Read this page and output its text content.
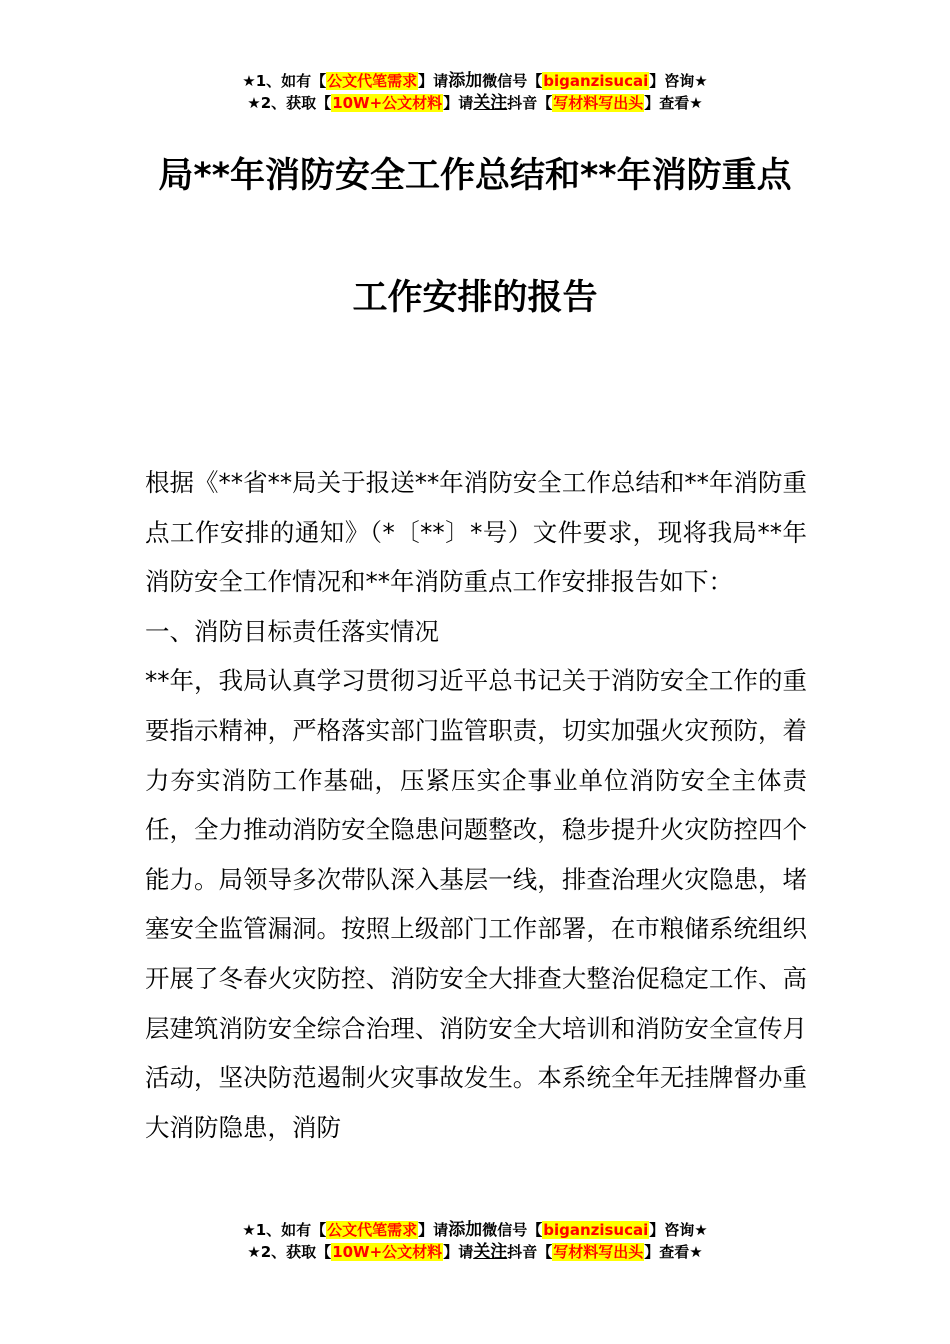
★1、如有【公文代笔需求】请添加微信号【biganzisucai】咨询★
★2、获取【10W+公文材料】请关注抖音【写材料写出头】查看★
局**年消防安全工作总结和**年消防重点
工作安排的报告

根据《**省**局关于报送**年消防安全工作总结和**年消防重点工作安排的通知》（*〔**〕*号）文件要求，现将我局**年消防安全工作情况和**年消防重点工作安排报告如下：

一、消防目标责任落实情况

**年，我局认真学习贯彻习近平总书记关于消防安全工作的重要指示精神，严格落实部门监管职责，切实加强火灾预防，着力夯实消防工作基础，压紧压实企事业单位消防安全主体责任，全力推动消防安全隐患问题整改，稳步提升火灾防控四个能力。局领导多次带队深入基层一线，排查治理火灾隐患，堵塞安全监管漏洞。按照上级部门工作部署，在市粮储系统组织开展了冬春火灾防控、消防安全大排查大整治促稳定工作、高层建筑消防安全综合治理、消防安全大培训和消防安全宣传月活动，坚决防范遏制火灾事故发生。本系统全年无挂牌督办重大消防隐患，消防

★1、如有【公文代笔需求】请添加微信号【biganzisucai】咨询★
★2、获取【10W+公文材料】请关注抖音【写材料写出头】查看★
